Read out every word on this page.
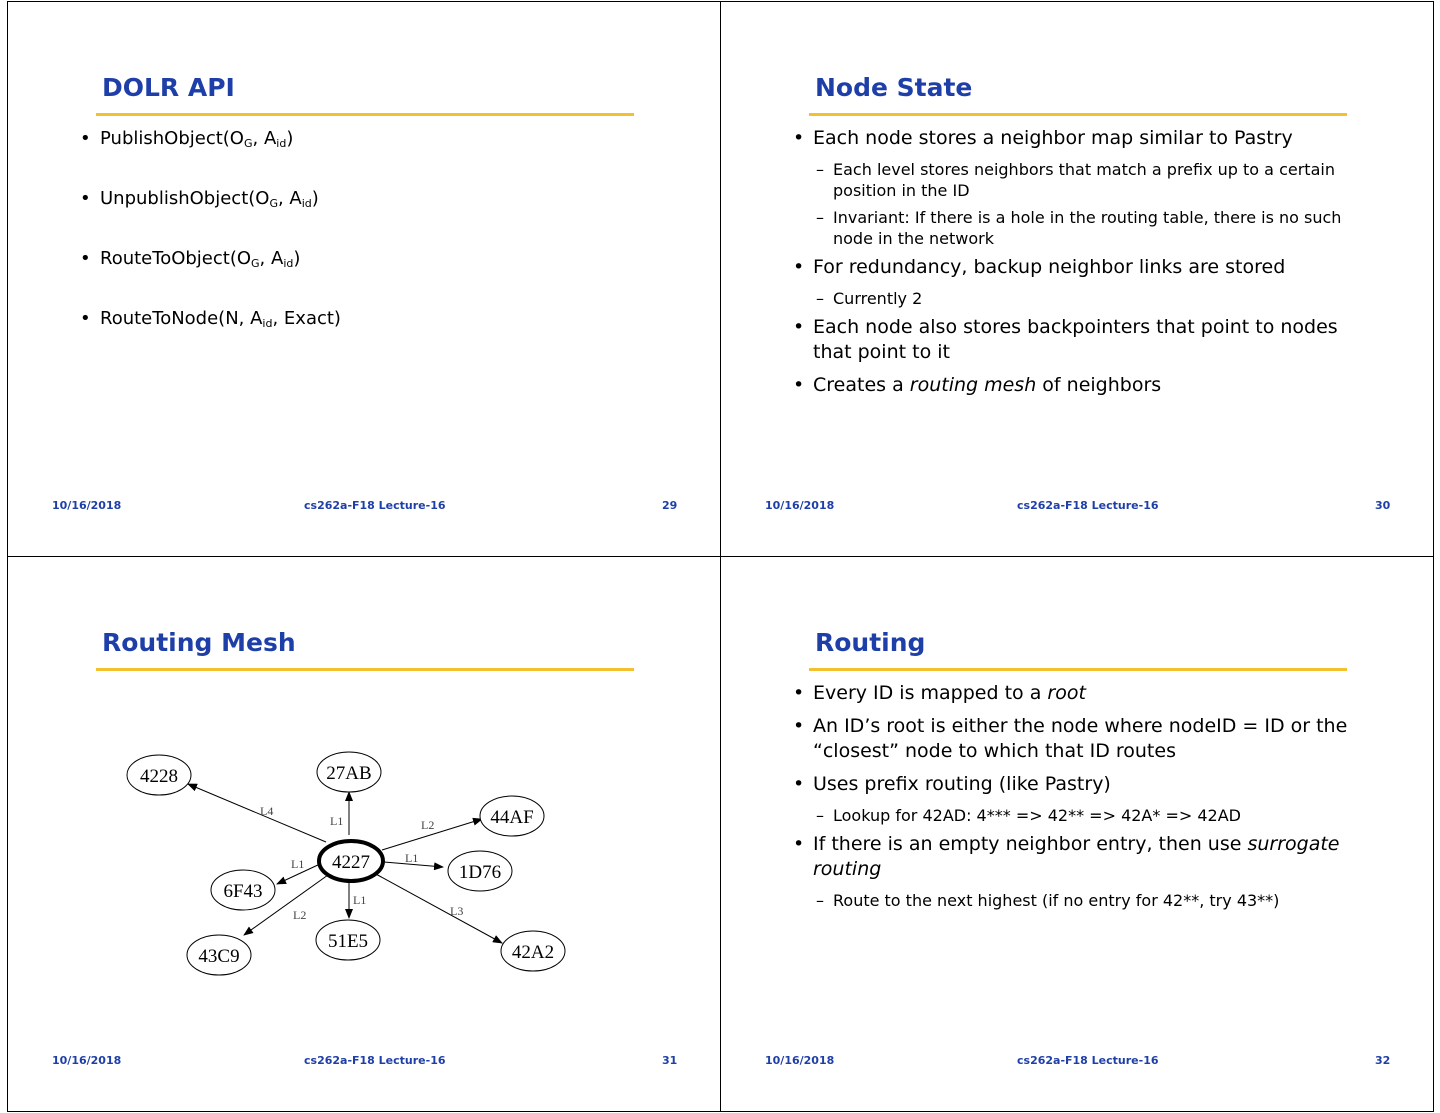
DOLR API
• $PublishObject(O_G$, $A_{id}$)
• $UnpublishObject(O_G$, $A_{id}$)
• $RouteToObject(O_G$, $A_{id}$)
• RouteToNode(N, $A_{id}$, Exact)
10/16/2018	cs262a-F18 Lecture-16	29
Node State
• Each node stores a neighbor map similar to Pastry
– Each level stores neighbors that match a prefix up to a certain position in the ID
– Invariant: If there is a hole in the routing table, there is no such node in the network
• For redundancy, backup neighbor links are stored
– Currently 2
• Each node also stores backpointers that point to nodes that point to it
• Creates a routing mesh of neighbors
10/16/2018	cs262a-F18 Lecture-16	30
Routing Mesh
L4
L1	L2
L1
L1
L2
L1
L3
4227
4228	27AB
44AF
1D76
6F43
43C9
51E5
42A2
10/16/2018	cs262a-F18 Lecture-16	31
Routing
• Every ID is mapped to a root
• An ID’s root is either the node where nodeID = ID or the “closest” node to which that ID routes
• Uses prefix routing (like Pastry)
– Lookup for 42AD: 4*** => 42** => 42A* => 42AD
• If there is an empty neighbor entry, then use surrogate routing
– Route to the next highest (if no entry for 42**, try 43**)
10/16/2018	cs262a-F18 Lecture-16	32
